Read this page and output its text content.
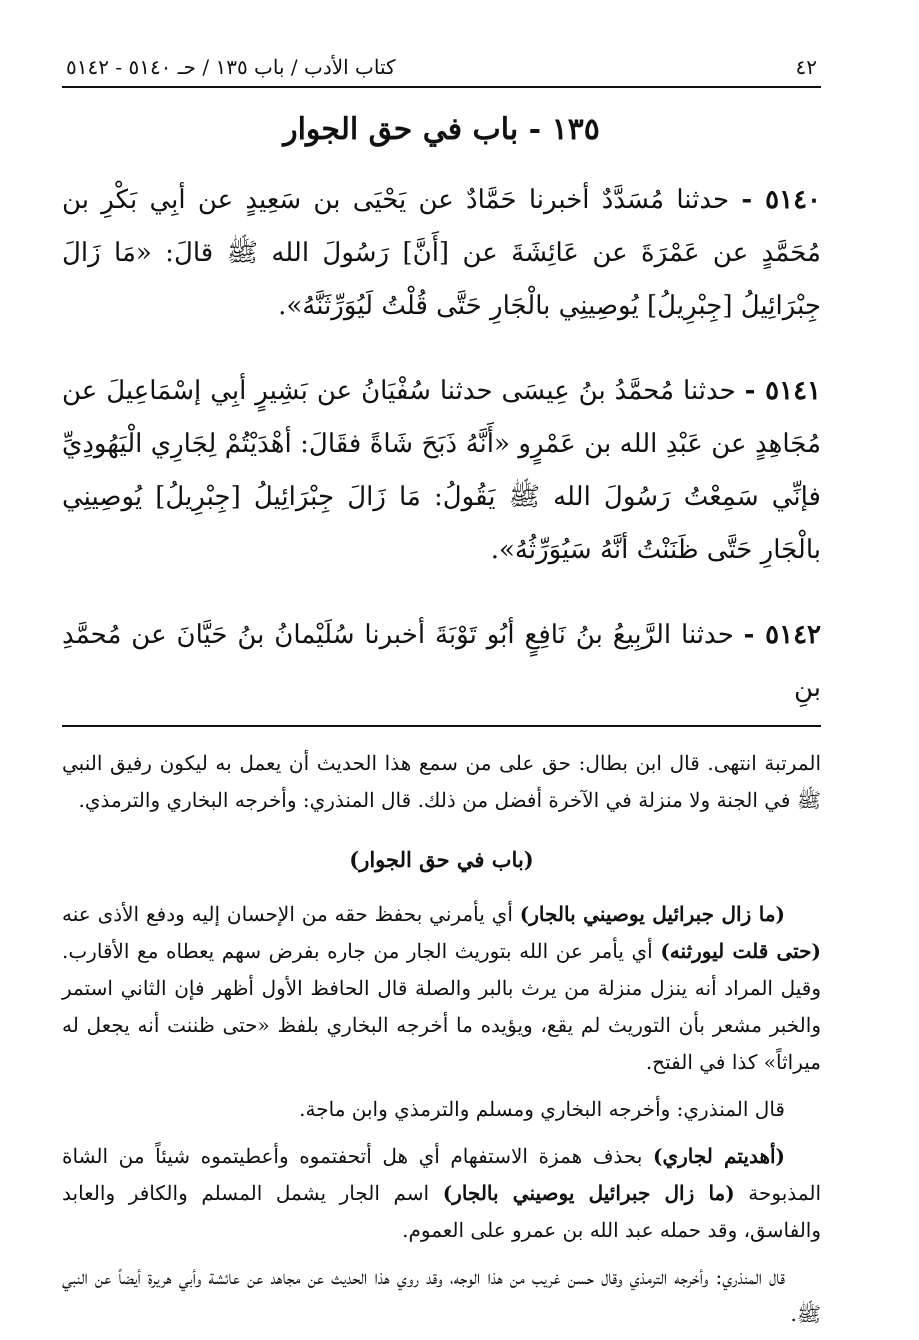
٤٢
كتاب الأدب / باب ١٣٥ / حـ ٥١٤٠ - ٥١٤٢
١٣٥ - باب في حق الجوار

٥١٤٠ - حدثنا مُسَدَّدٌ أخبرنا حَمَّادٌ عن يَحْيَى بن سَعِيدٍ عن أبِي بَكْرِ بن مُحَمَّدٍ عن عَمْرَةَ عن عَائِشَةَ عن [أَنَّ] رَسُولَ الله ﷺ قالَ: «مَا زَالَ جِبْرَائِيلُ [جِبْرِيلُ] يُوصِينِي بالْجَارِ حَتَّى قُلْتُ لَيُوَرِّثَنَّهُ».

٥١٤١ - حدثنا مُحمَّدُ بنُ عِيسَى حدثنا سُفْيَانُ عن بَشِيرٍ أبِي إسْمَاعِيلَ عن مُجَاهِدٍ عن عَبْدِ الله بن عَمْرٍو «أَنَّهُ ذَبَحَ شَاةً فقَالَ: أهْدَيْتُمْ لِجَارِي الْيَهُودِيِّ فإنِّي سَمِعْتُ رَسُولَ الله ﷺ يَقُولُ: مَا زَالَ جِبْرَائِيلُ [جِبْرِيلُ] يُوصِينِي بالْجَارِ حَتَّى ظَنَنْتُ أنَّهُ سَيُوَرِّثُهُ».

٥١٤٢ - حدثنا الرَّبِيعُ بنُ نَافِعٍ أبُو تَوْبَةَ أخبرنا سُلَيْمانُ بنُ حَيَّانَ عن مُحمَّدِ بنِ

المرتبة انتهى. قال ابن بطال: حق على من سمع هذا الحديث أن يعمل به ليكون رفيق النبي ﷺ في الجنة ولا منزلة في الآخرة أفضل من ذلك. قال المنذري: وأخرجه البخاري والترمذي.

(باب في حق الجوار)

(ما زال جبرائيل يوصيني بالجار) أي يأمرني بحفظ حقه من الإحسان إليه ودفع الأذى عنه (حتى قلت ليورثنه) أي يأمر عن الله بتوريث الجار من جاره بفرض سهم يعطاه مع الأقارب. وقيل المراد أنه ينزل منزلة من يرث بالبر والصلة قال الحافظ الأول أظهر فإن الثاني استمر والخبر مشعر بأن التوريث لم يقع، ويؤيده ما أخرجه البخاري بلفظ «حتى ظننت أنه يجعل له ميراثاً» كذا في الفتح.

قال المنذري: وأخرجه البخاري ومسلم والترمذي وابن ماجة.

(أهديتم لجاري) بحذف همزة الاستفهام أي هل أتحفتموه وأعطيتموه شيئاً من الشاة المذبوحة (ما زال جبرائيل يوصيني بالجار) اسم الجار يشمل المسلم والكافر والعابد والفاسق، وقد حمله عبد الله بن عمرو على العموم.

قال المنذري: وأخرجه الترمذي وقال حسن غريب من هذا الوجه، وقد روي هذا الحديث عن مجاهد عن عائشة وأبي هريرة أيضاً عن النبي ﷺ.
